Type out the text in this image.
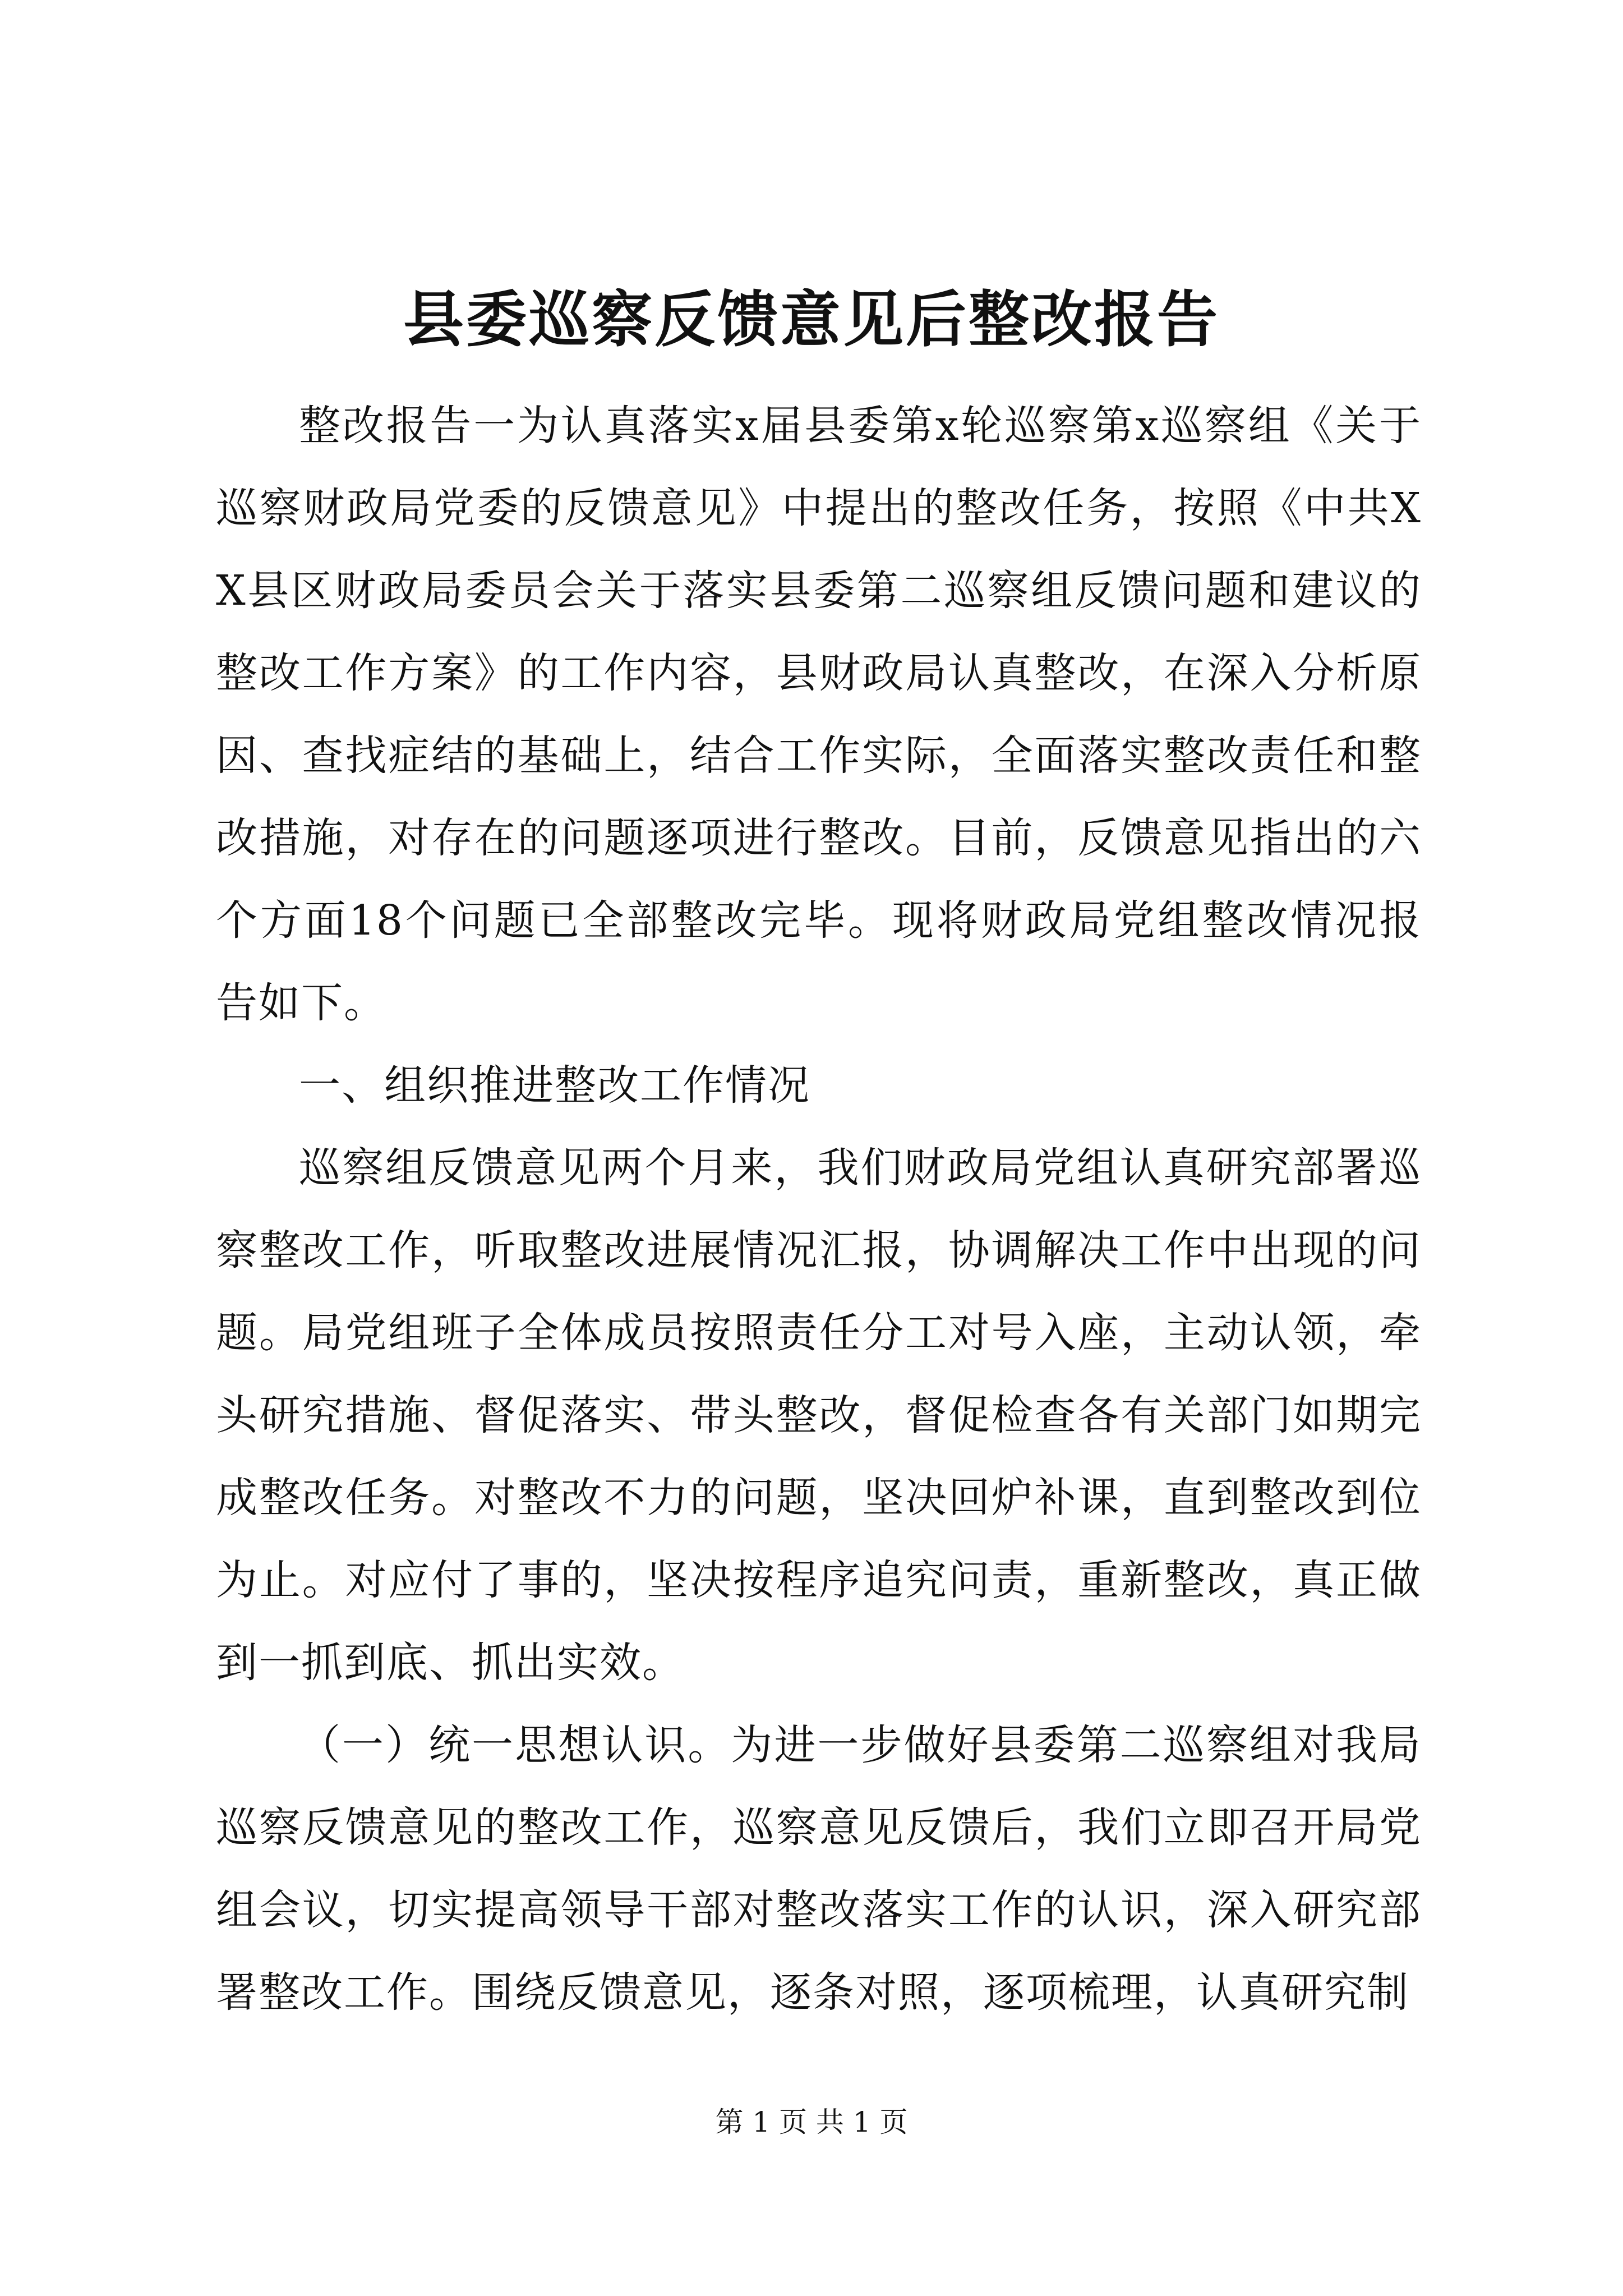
县委巡察反馈意见后整改报告

整改报告一为认真落实x届县委第x轮巡察第x巡察组《关于巡察财政局党委的反馈意见》中提出的整改任务，按照《中共XX县区财政局委员会关于落实县委第二巡察组反馈问题和建议的整改工作方案》的工作内容，县财政局认真整改，在深入分析原因、查找症结的基础上，结合工作实际，全面落实整改责任和整改措施，对存在的问题逐项进行整改。目前，反馈意见指出的六个方面18个问题已全部整改完毕。现将财政局党组整改情况报告如下。

一、组织推进整改工作情况

巡察组反馈意见两个月来，我们财政局党组认真研究部署巡察整改工作，听取整改进展情况汇报，协调解决工作中出现的问题。局党组班子全体成员按照责任分工对号入座，主动认领，牵头研究措施、督促落实、带头整改，督促检查各有关部门如期完成整改任务。对整改不力的问题，坚决回炉补课，直到整改到位为止。对应付了事的，坚决按程序追究问责，重新整改，真正做到一抓到底、抓出实效。

（一）统一思想认识。为进一步做好县委第二巡察组对我局巡察反馈意见的整改工作，巡察意见反馈后，我们立即召开局党组会议，切实提高领导干部对整改落实工作的认识，深入研究部署整改工作。围绕反馈意见，逐条对照，逐项梳理，认真研究制

第 1 页 共 1 页
